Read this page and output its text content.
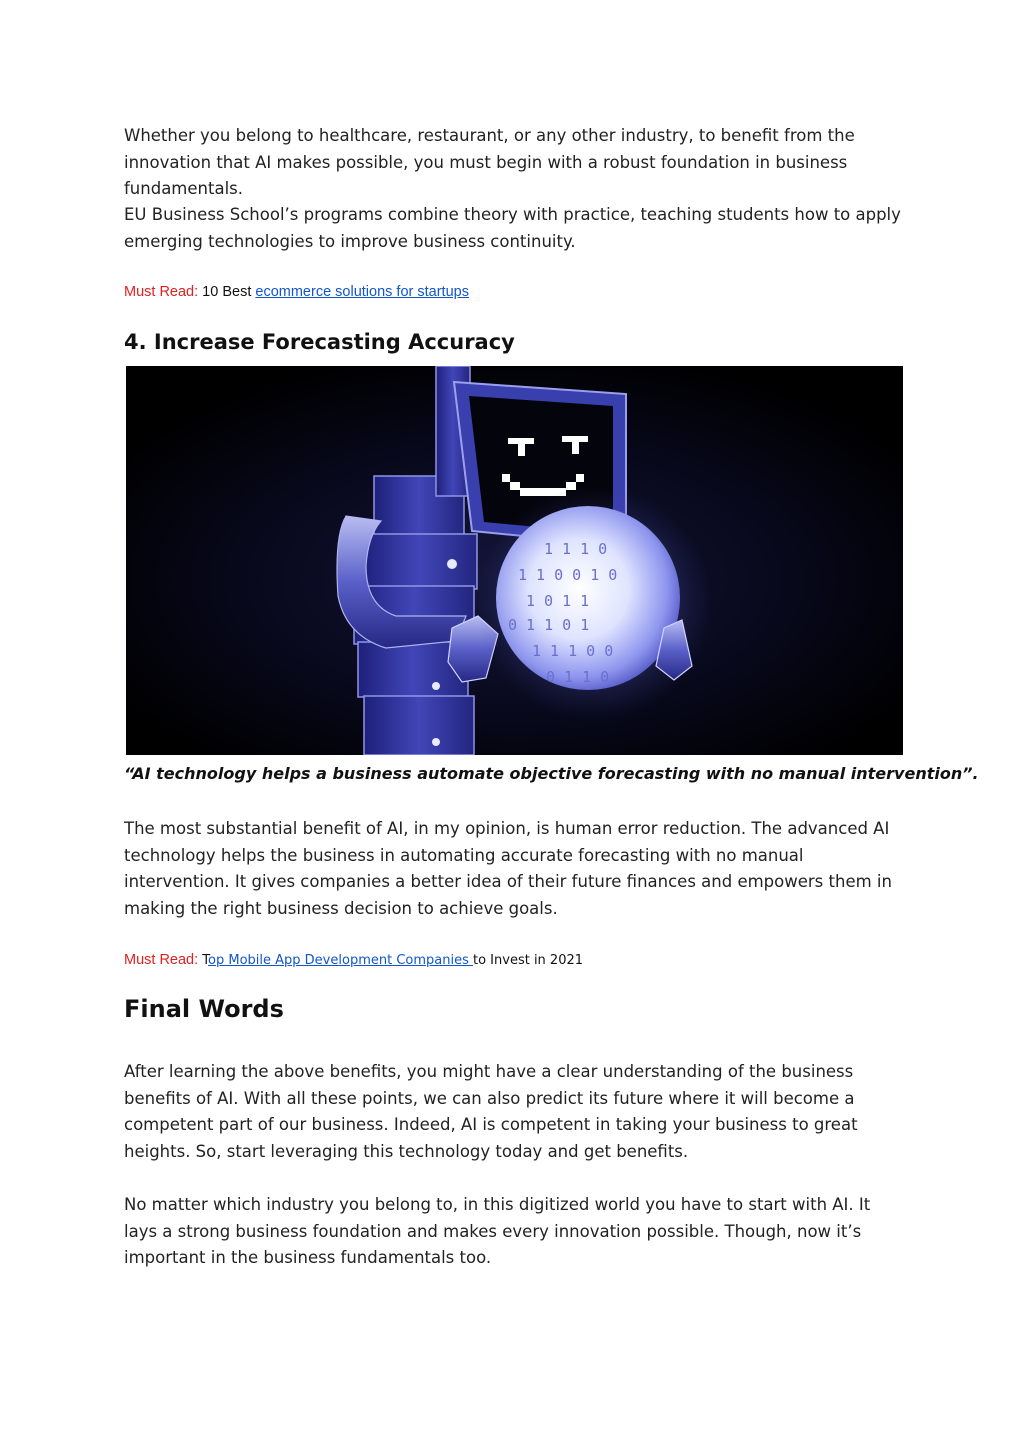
Whether you belong to healthcare, restaurant, or any other industry, to benefit from the innovation that AI makes possible, you must begin with a robust foundation in business fundamentals.

EU Business School’s programs combine theory with practice, teaching students how to apply emerging technologies to improve business continuity.

Must Read: 10 Best ecommerce solutions for startups

4. Increase Forecasting Accuracy
1 1 1 0
1 1 0 0 1 0
1 0 1 1
0 1 1 0 1
1 1 1 0 0
0 1 1 0

“AI technology helps a business automate objective forecasting with no manual intervention”.

The most substantial benefit of AI, in my opinion, is human error reduction. The advanced AI technology helps the business in automating accurate forecasting with no manual intervention. It gives companies a better idea of their future finances and empowers them in making the right business decision to achieve goals.

Must Read: Top Mobile App Development Companies to Invest in 2021

Final Words

After learning the above benefits, you might have a clear understanding of the business benefits of AI. With all these points, we can also predict its future where it will become a competent part of our business. Indeed, AI is competent in taking your business to great heights. So, start leveraging this technology today and get benefits.

No matter which industry you belong to, in this digitized world you have to start with AI. It lays a strong business foundation and makes every innovation possible. Though, now it’s important in the business fundamentals too.
